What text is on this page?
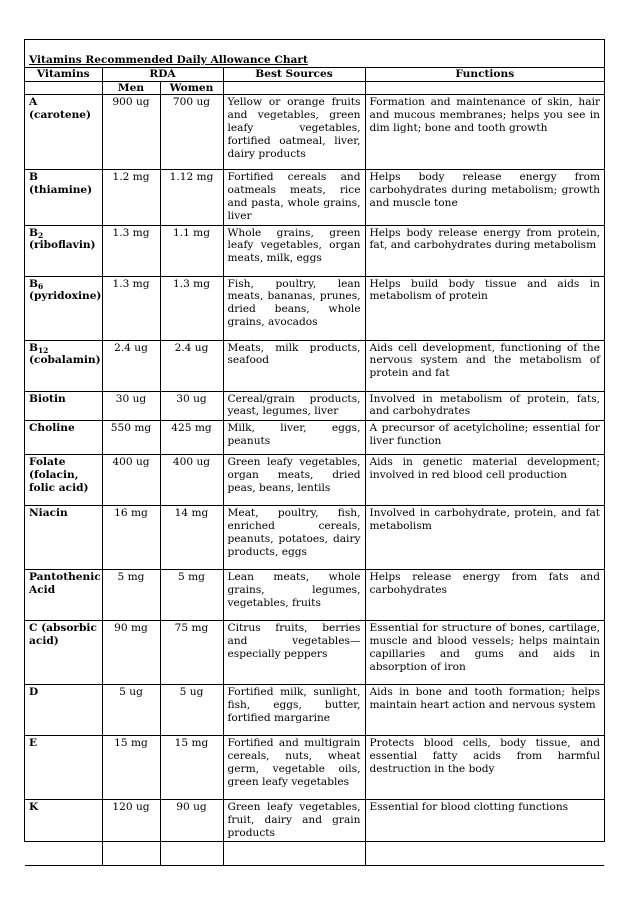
Vitamins Recommended Daily Allowance Chart				
Vitamins	RDA		Best Sources	Functions
	Men	Women		
A (carotene)	900 ug	700 ug	Yellow or orange fruits and vegetables, green leafy vegetables, fortified oatmeal, liver, dairy products	Formation and maintenance of skin, hair and mucous membranes; helps you see in dim light; bone and tooth growth
B
(thiamine)	1.2 mg	1.12 mg	Fortified cereals and oatmeals meats, rice and pasta, whole grains, liver	Helps body release energy from carbohydrates during metabolism; growth and muscle tone
$B_2$
(riboflavin)	1.3 mg	1.1 mg	Whole grains, green leafy vegetables, organ meats, milk, eggs	Helps body release energy from protein, fat, and carbohydrates during metabolism
$B_6$
(pyridoxine)	1.3 mg	1.3 mg	Fish, poultry, lean meats, bananas, prunes, dried beans, whole grains, avocados	Helps build body tissue and aids in metabolism of protein
$B_{12}$
(cobalamin)	2.4 ug	2.4 ug	Meats, milk products, seafood	Aids cell development, functioning of the nervous system and the metabolism of protein and fat
Biotin	30 ug	30 ug	Cereal/grain products, yeast, legumes, liver	Involved in metabolism of protein, fats, and carbohydrates
Choline	550 mg	425 mg	Milk, liver, eggs, peanuts	A precursor of acetylcholine; essential for liver function
Folate (folacin, folic acid)	400 ug	400 ug	Green leafy vegetables, organ meats, dried peas, beans, lentils	Aids in genetic material development; involved in red blood cell production
Niacin	16 mg	14 mg	Meat, poultry, fish, enriched cereals, peanuts, potatoes, dairy products, eggs	Involved in carbohydrate, protein, and fat metabolism
Pantothenic Acid	5 mg	5 mg	Lean meats, whole grains, legumes, vegetables, fruits	Helps release energy from fats and carbohydrates
C (absorbic acid)	90 mg	75 mg	Citrus fruits, berries and vegetables— especially peppers	Essential for structure of bones, cartilage, muscle and blood vessels; helps maintain capillaries and gums and aids in absorption of iron
D	5 ug	5 ug	Fortified milk, sunlight, fish, eggs, butter, fortified margarine	Aids in bone and tooth formation; helps maintain heart action and nervous system
E	15 mg	15 mg	Fortified and multigrain cereals, nuts, wheat germ, vegetable oils, green leafy vegetables	Protects blood cells, body tissue, and essential fatty acids from harmful destruction in the body
K	120 ug	90 ug	Green leafy vegetables, fruit, dairy and grain products	Essential for blood clotting functions
